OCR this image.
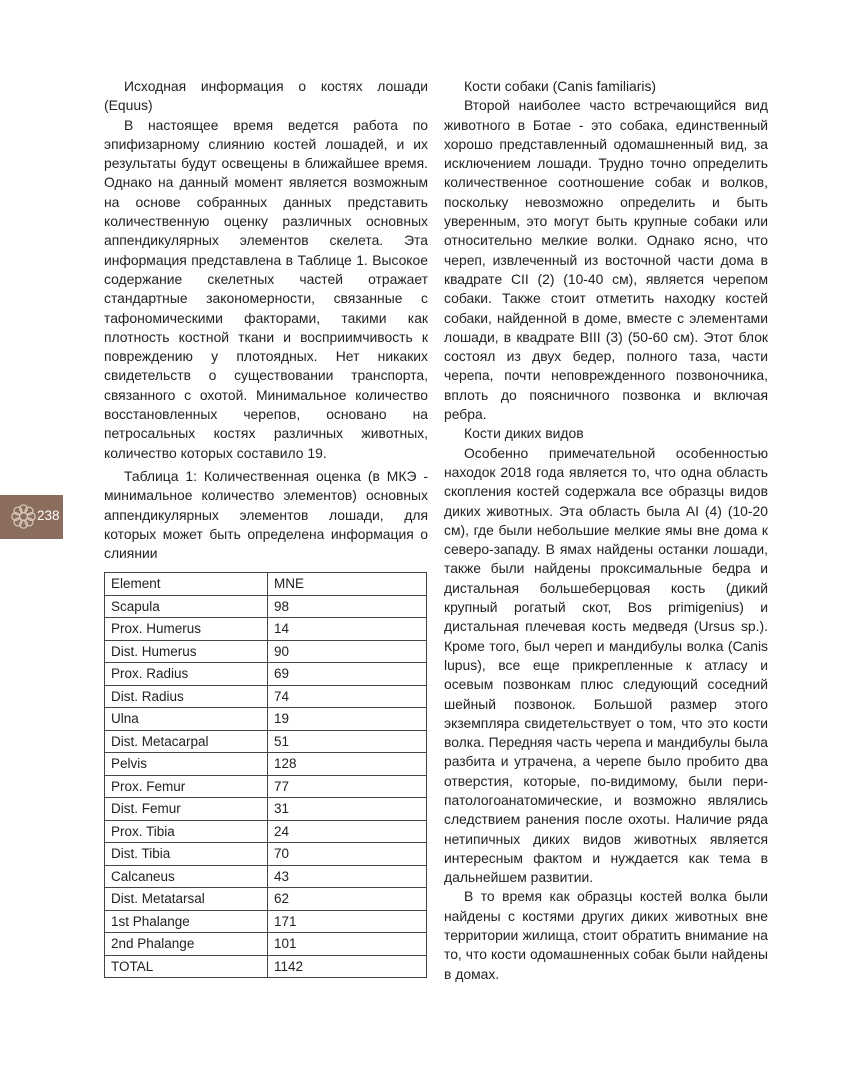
238

Исходная информация о костях лошади (Equus)

В настоящее время ведется работа по эпифизарному слиянию костей лошадей, и их результаты будут освещены в ближайшее время. Однако на данный момент является возможным на основе собранных данных представить количественную оценку различных основных аппендикулярных элементов скелета. Эта информация представлена в Таблице 1. Высокое содержание скелетных частей отражает стандартные закономерности, связанные с тафономическими факторами, такими как плотность костной ткани и восприимчивость к повреждению у плотоядных. Нет никаких свидетельств о существовании транспорта, связанного с охотой. Минимальное количество восстановленных черепов, основано на петросальных костях различных животных, количество которых составило 19.

Таблица 1: Количественная оценка (в МКЭ - минимальное количество элементов) основных аппендикулярных элементов лошади, для которых может быть определена информация о слиянии

Element	MNE
Scapula	98
Prox. Humerus	14
Dist. Humerus	90
Prox. Radius	69
Dist. Radius	74
Ulna	19
Dist. Metacarpal	51
Pelvis	128
Prox. Femur	77
Dist. Femur	31
Prox. Tibia	24
Dist. Tibia	70
Calcaneus	43
Dist. Metatarsal	62
1st Phalange	171
2nd Phalange	101
TOTAL	1142

Кости собаки (Canis familiaris)

Второй наиболее часто встречающийся вид животного в Ботае - это собака, единственный хорошо представленный одомашненный вид, за исключением лошади. Трудно точно определить количественное соотношение собак и волков, поскольку невозможно определить и быть уверенным, это могут быть крупные собаки или относительно мелкие волки. Однако ясно, что череп, извлеченный из восточной части дома в квадрате CII (2) (10-40 см), является черепом собаки. Также стоит отметить находку костей собаки, найденной в доме, вместе с элементами лошади, в квадрате BIII (3) (50-60 см). Этот блок состоял из двух бедер, полного таза, части черепа, почти неповрежденного позвоночника, вплоть до поясничного позвонка и включая ребра.

Кости диких видов

Особенно примечательной особенностью находок 2018 года является то, что одна область скопления костей содержала все образцы видов диких животных. Эта область была AI (4) (10-20 см), где были небольшие мелкие ямы вне дома к северо-западу. В ямах найдены останки лошади, также были найдены проксимальные бедра и дистальная большеберцовая кость (дикий крупный рогатый скот, Bos primigenius) и дистальная плечевая кость медведя (Ursus sp.). Кроме того, был череп и мандибулы волка (Canis lupus), все еще прикрепленные к атласу и осевым позвонкам плюс следующий соседний шейный позвонок. Большой размер этого экземпляра свидетельствует о том, что это кости волка. Передняя часть черепа и мандибулы была разбита и утрачена, а черепе было пробито два отверстия, которые, по-видимому, были пери-патологоанатомические, и возможно являлись следствием ранения после охоты. Наличие ряда нетипичных диких видов животных является интересным фактом и нуждается как тема в дальнейшем развитии.

В то время как образцы костей волка были найдены с костями других диких животных вне территории жилища, стоит обратить внимание на то, что кости одомашненных собак были найдены в домах.
